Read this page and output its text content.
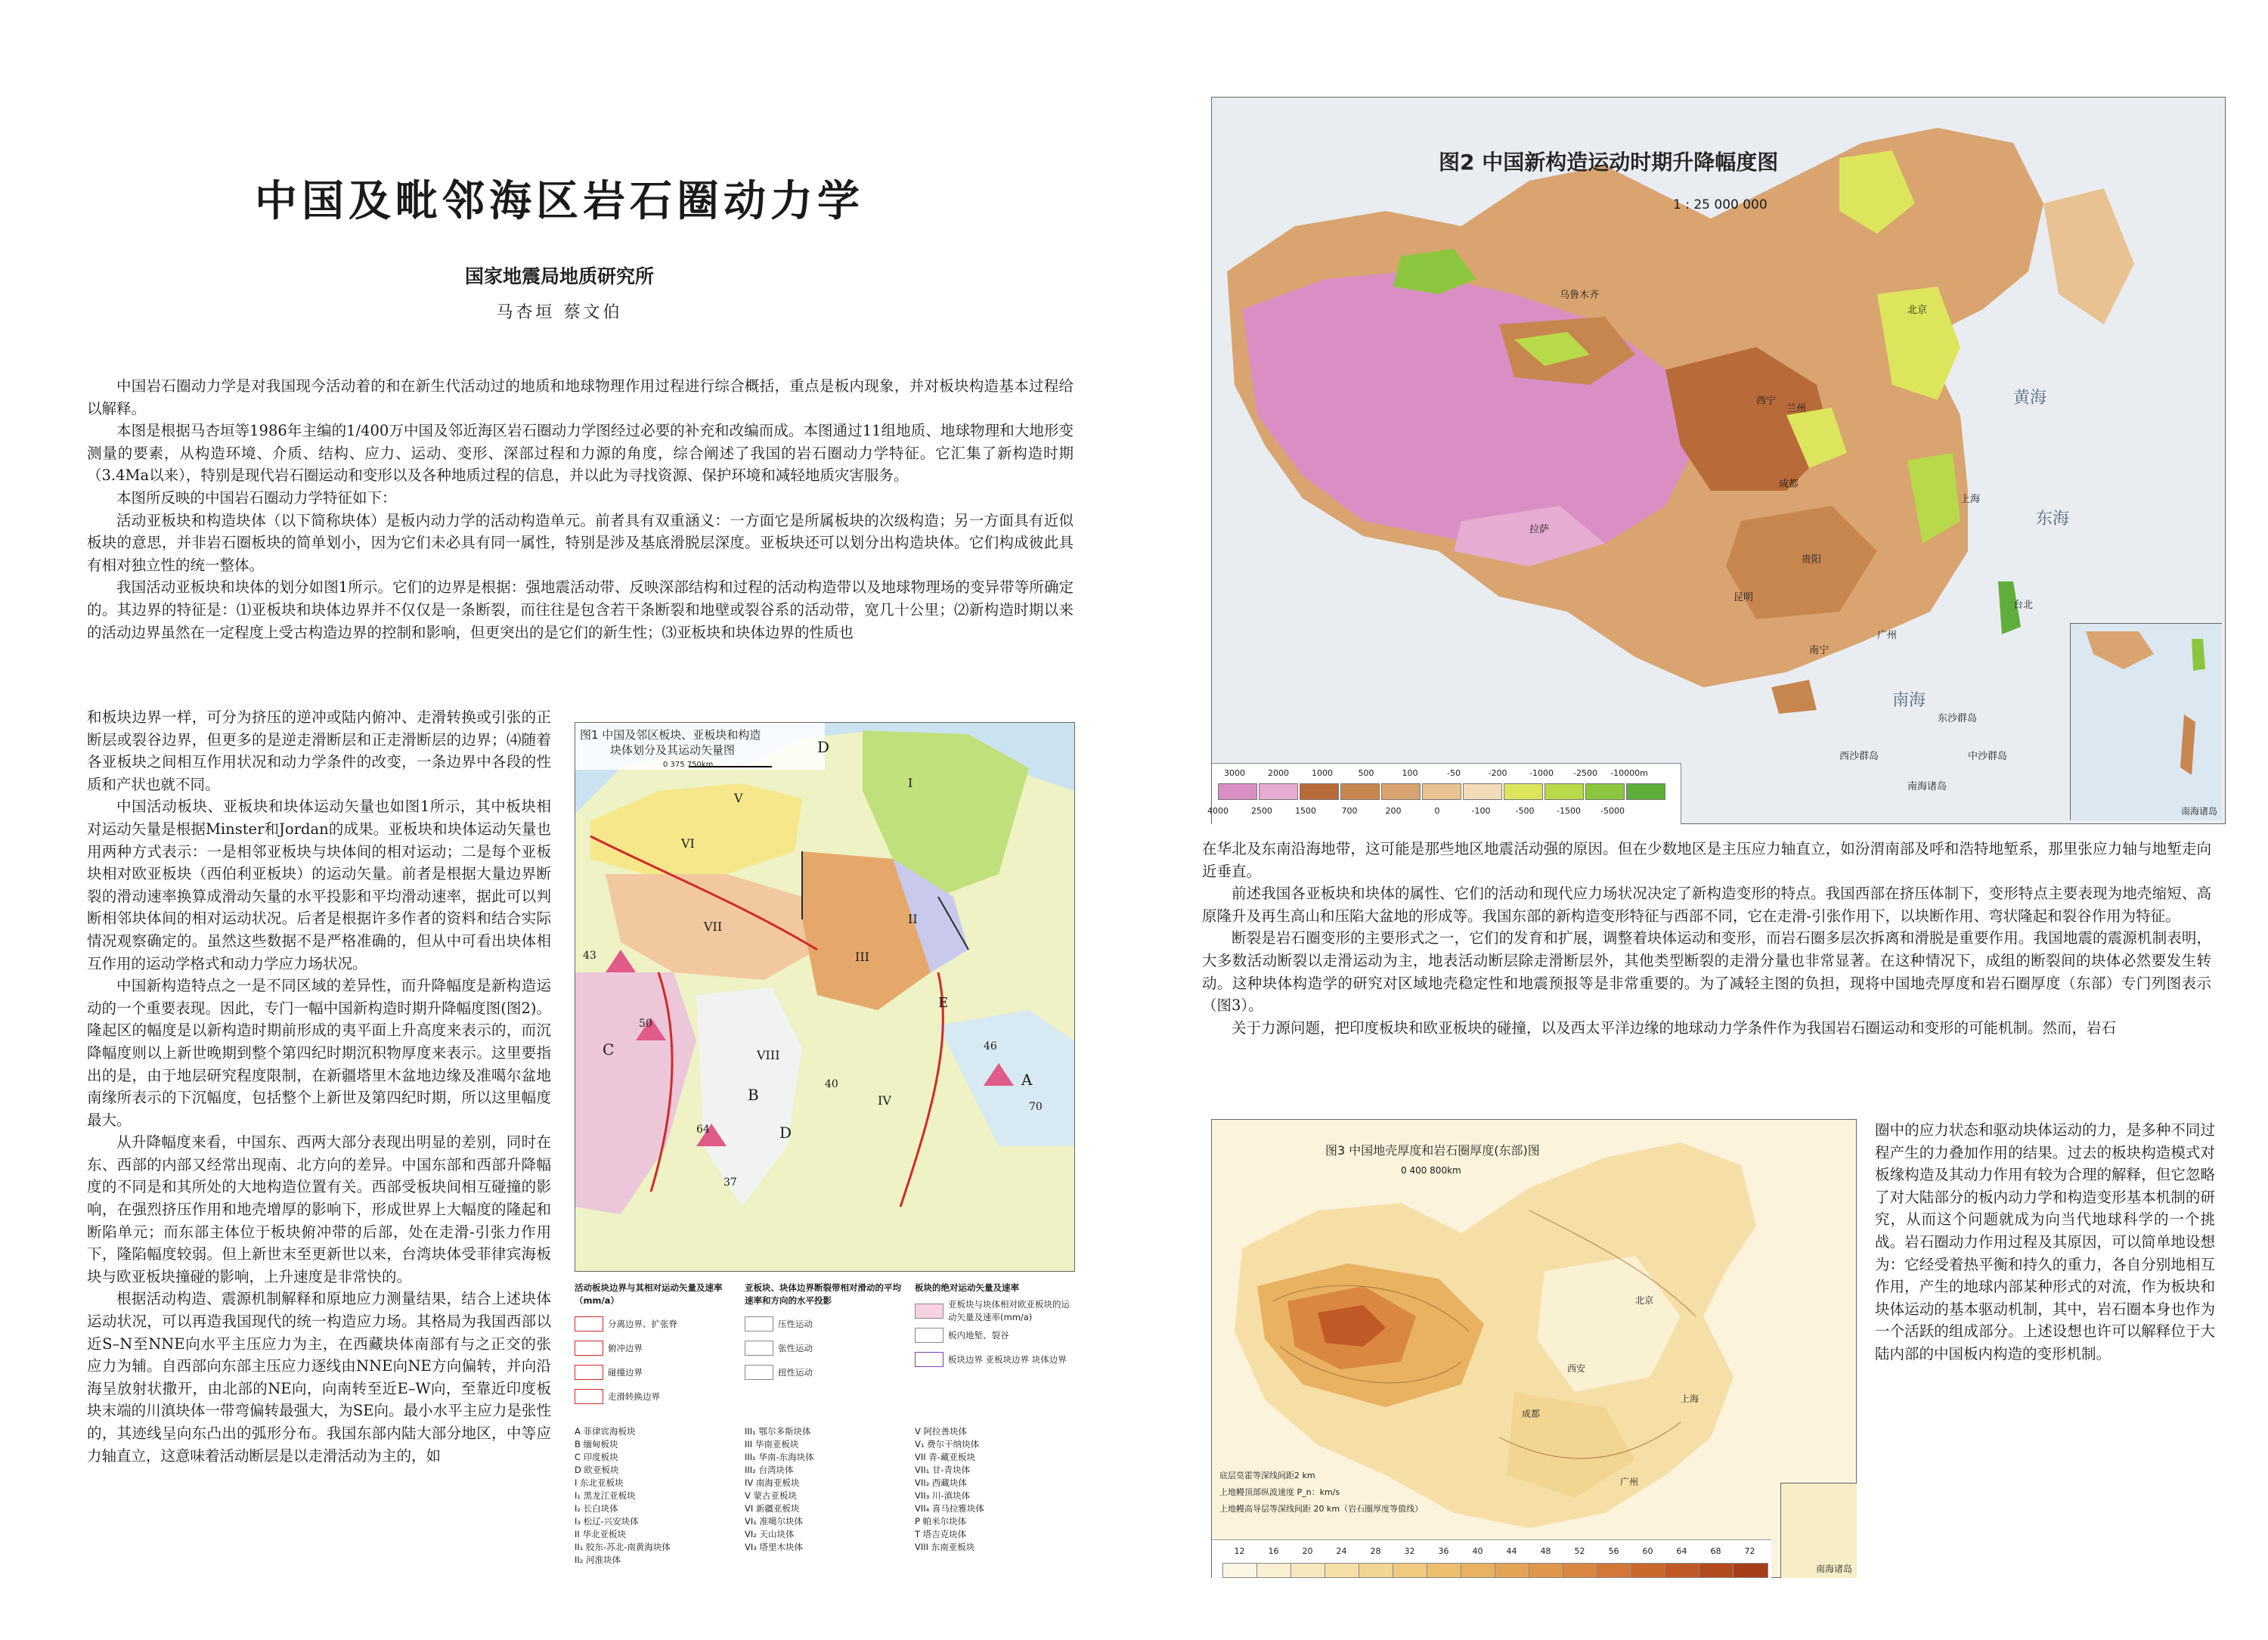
中国及毗邻海区岩石圈动力学
国家地震局地质研究所
马杏垣 蔡文伯

中国岩石圈动力学是对我国现今活动着的和在新生代活动过的地质和地球物理作用过程进行综合概括，重点是板内现象，并对板块构造基本过程给以解释。

本图是根据马杏垣等1986年主编的1/400万中国及邻近海区岩石圈动力学图经过必要的补充和改编而成。本图通过11组地质、地球物理和大地形变测量的要素，从构造环境、介质、结构、应力、运动、变形、深部过程和力源的角度，综合阐述了我国的岩石圈动力学特征。它汇集了新构造时期（3.4Ma以来），特别是现代岩石圈运动和变形以及各种地质过程的信息，并以此为寻找资源、保护环境和减轻地质灾害服务。

本图所反映的中国岩石圈动力学特征如下：

活动亚板块和构造块体（以下简称块体）是板内动力学的活动构造单元。前者具有双重涵义：一方面它是所属板块的次级构造；另一方面具有近似板块的意思，并非岩石圈板块的简单划小，因为它们未必具有同一属性，特别是涉及基底滑脱层深度。亚板块还可以划分出构造块体。它们构成彼此具有相对独立性的统一整体。

我国活动亚板块和块体的划分如图1所示。它们的边界是根据：强地震活动带、反映深部结构和过程的活动构造带以及地球物理场的变异带等所确定的。其边界的特征是：⑴亚板块和块体边界并不仅仅是一条断裂，而往往是包含若干条断裂和地壁或裂谷系的活动带，宽几十公里；⑵新构造时期以来的活动边界虽然在一定程度上受古构造边界的控制和影响，但更突出的是它们的新生性；⑶亚板块和块体边界的性质也

和板块边界一样，可分为挤压的逆冲或陆内俯冲、走滑转换或引张的正断层或裂谷边界，但更多的是逆走滑断层和正走滑断层的边界；⑷随着各亚板块之间相互作用状况和动力学条件的改变，一条边界中各段的性质和产状也就不同。

中国活动板块、亚板块和块体运动矢量也如图1所示，其中板块相对运动矢量是根据Minster和Jordan的成果。亚板块和块体运动矢量也用两种方式表示：一是相邻亚板块与块体间的相对运动；二是每个亚板块相对欧亚板块（西伯利亚板块）的运动矢量。前者是根据大量边界断裂的滑动速率换算成滑动矢量的水平投影和平均滑动速率，据此可以判断相邻块体间的相对运动状况。后者是根据许多作者的资料和结合实际情况观察确定的。虽然这些数据不是严格准确的，但从中可看出块体相互作用的运动学格式和动力学应力场状况。

中国新构造特点之一是不同区域的差异性，而升降幅度是新构造运动的一个重要表现。因此，专门一幅中国新构造时期升降幅度图(图2)。隆起区的幅度是以新构造时期前形成的夷平面上升高度来表示的，而沉降幅度则以上新世晚期到整个第四纪时期沉积物厚度来表示。这里要指出的是，由于地层研究程度限制，在新疆塔里木盆地边缘及准噶尔盆地南缘所表示的下沉幅度，包括整个上新世及第四纪时期，所以这里幅度最大。

从升降幅度来看，中国东、西两大部分表现出明显的差别，同时在东、西部的内部又经常出现南、北方向的差异。中国东部和西部升降幅度的不同是和其所处的大地构造位置有关。西部受板块间相互碰撞的影响，在强烈挤压作用和地壳增厚的影响下，形成世界上大幅度的隆起和断陷单元；而东部主体位于板块俯冲带的后部，处在走滑-引张力作用下，隆陷幅度较弱。但上新世末至更新世以来，台湾块体受菲律宾海板块与欧亚板块撞碰的影响，上升速度是非常快的。

根据活动构造、震源机制解释和原地应力测量结果，结合上述块体运动状况，可以再造我国现代的统一构造应力场。其格局为我国西部以近S–N至NNE向水平主压应力为主，在西藏块体南部有与之正交的张应力为辅。自西部向东部主压应力逐线由NNE向NE方向偏转，并向沿海呈放射状撒开，由北部的NE向，向南转至近E–W向，至靠近印度板块末端的川滇块体一带弯偏转最强大，为SE向。最小水平主应力是张性的，其迹线呈向东凸出的弧形分布。我国东部内陆大部分地区，中等应力轴直立，这意味着活动断层是以走滑活动为主的，如

图1 中国及邻区板块、亚板块和构造
块体划分及其运动矢量图
0 375 750km
A
B
C
D
D
E
I
II
III
IV
V
VI
VII
VIII
43
50
64
37
46
70
40
活动板块边界与其相对运动矢量及速率（mm/a）
分离边界、扩张脊
俯冲边界
碰撞边界
走滑转换边界
亚板块、块体边界断裂带相对滑动的平均速率和方向的水平投影
压性运动
张性运动
扭性运动
板块的绝对运动矢量及速率
亚板块与块体相对欧亚板块的运动矢量及速率(mm/a)
板内地堑、裂谷
板块边界 亚板块边界 块体边界
A 菲律宾海板块
B 缅甸板块
C 印度板块
D 欧亚板块
I 东北亚板块
I₁ 黑龙江亚板块
I₂ 长白块体
I₃ 松辽-兴安块体
II 华北亚板块
II₁ 胶东-苏北-南黄海块体
II₂ 河淮块体
III₁ 鄂尔多斯块体
III 华南亚板块
III₁ 华南-东海块体
III₂ 台湾块体
IV 南海亚板块
V 蒙古亚板块
VI 新疆亚板块
VI₁ 准噶尔块体
VI₂ 天山块体
VI₃ 塔里木块体
V 阿拉善块体
V₁ 费尔干纳块体
VII 青-藏亚板块
VII₁ 甘-青块体
VII₂ 西藏块体
VII₃ 川-滇块体
VII₄ 喜马拉雅块体
P 帕米尔块体
T 塔吉克块体
VIII 东南亚板块
图2 中国新构造运动时期升降幅度图
1 : 25 000 000
乌鲁木齐
拉萨
成都
兰州
西宁
北京
上海
广州
台北
昆明
贵阳
南宁
东沙群岛
南海诸岛
西沙群岛	中沙群岛
黄海
东海
南海
3000	2000	1000	500	100	-50	-200	-1000	-2500	-10000m
4000	2500	1500	700	200	0	-100	-500	-1500	-5000	南海诸岛

在华北及东南沿海地带，这可能是那些地区地震活动强的原因。但在少数地区是主压应力轴直立，如汾渭南部及呼和浩特地堑系，那里张应力轴与地堑走向近垂直。

前述我国各亚板块和块体的属性、它们的活动和现代应力场状况决定了新构造变形的特点。我国西部在挤压体制下，变形特点主要表现为地壳缩短、高原隆升及再生高山和压陷大盆地的形成等。我国东部的新构造变形特征与西部不同，它在走滑-引张作用下，以块断作用、弯状隆起和裂谷作用为特征。

断裂是岩石圈变形的主要形式之一，它们的发育和扩展，调整着块体运动和变形，而岩石圈多层次拆离和滑脱是重要作用。我国地震的震源机制表明，大多数活动断裂以走滑运动为主，地表活动断层除走滑断层外，其他类型断裂的走滑分量也非常显著。在这种情况下，成组的断裂间的块体必然要发生转动。这种块体构造学的研究对区域地壳稳定性和地震预报等是非常重要的。为了减轻主图的负担，现将中国地壳厚度和岩石圈厚度（东部）专门列图表示（图3）。

关于力源问题，把印度板块和欧亚板块的碰撞，以及西太平洋边缘的地球动力学条件作为我国岩石圈运动和变形的可能机制。然而，岩石

图3 中国地壳厚度和岩石圈厚度(东部)图
0 400 800km
北京
上海
成都
西安
广州
底层莫霍等深线间距2 km
上地幔顶部纵波速度 P_n：km/s
上地幔高导层等深线间距 20 km（岩石圈厚度等值线）
12	16	20	24	28	32	36	40	44	48	52	56	60	64	68	72
南海诸岛

圈中的应力状态和驱动块体运动的力，是多种不同过程产生的力叠加作用的结果。过去的板块构造模式对板缘构造及其动力作用有较为合理的解释，但它忽略了对大陆部分的板内动力学和构造变形基本机制的研究，从而这个问题就成为向当代地球科学的一个挑战。岩石圈动力作用过程及其原因，可以简单地设想为：它经受着热平衡和持久的重力，各自分别地相互作用，产生的地球内部某种形式的对流，作为板块和块体运动的基本驱动机制，其中，岩石圈本身也作为一个活跃的组成部分。上述设想也许可以解释位于大陆内部的中国板内构造的变形机制。
